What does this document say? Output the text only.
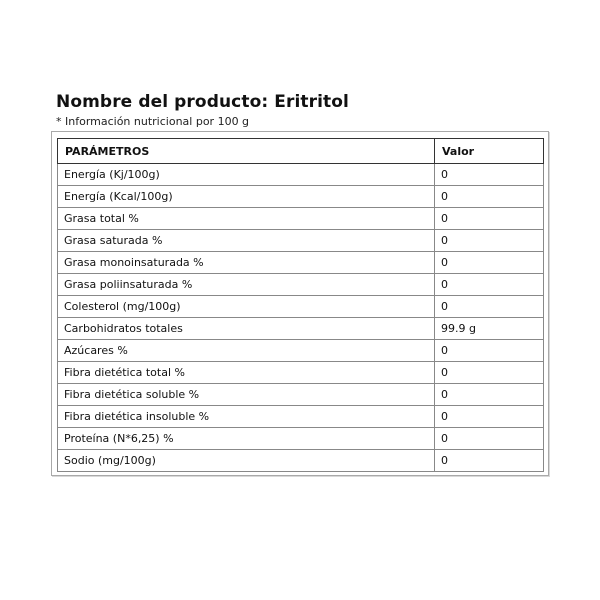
Nombre del producto: Eritritol
* Información nutricional por 100 g
PARÁMETROS	Valor
Energía (Kj/100g)	0
Energía (Kcal/100g)	0
Grasa total %	0
Grasa saturada %	0
Grasa monoinsaturada %	0
Grasa poliinsaturada %	0
Colesterol (mg/100g)	0
Carbohidratos totales	99.9 g
Azúcares %	0
Fibra dietética total %	0
Fibra dietética soluble %	0
Fibra dietética insoluble %	0
Proteína (N*6,25) %	0
Sodio (mg/100g)	0
